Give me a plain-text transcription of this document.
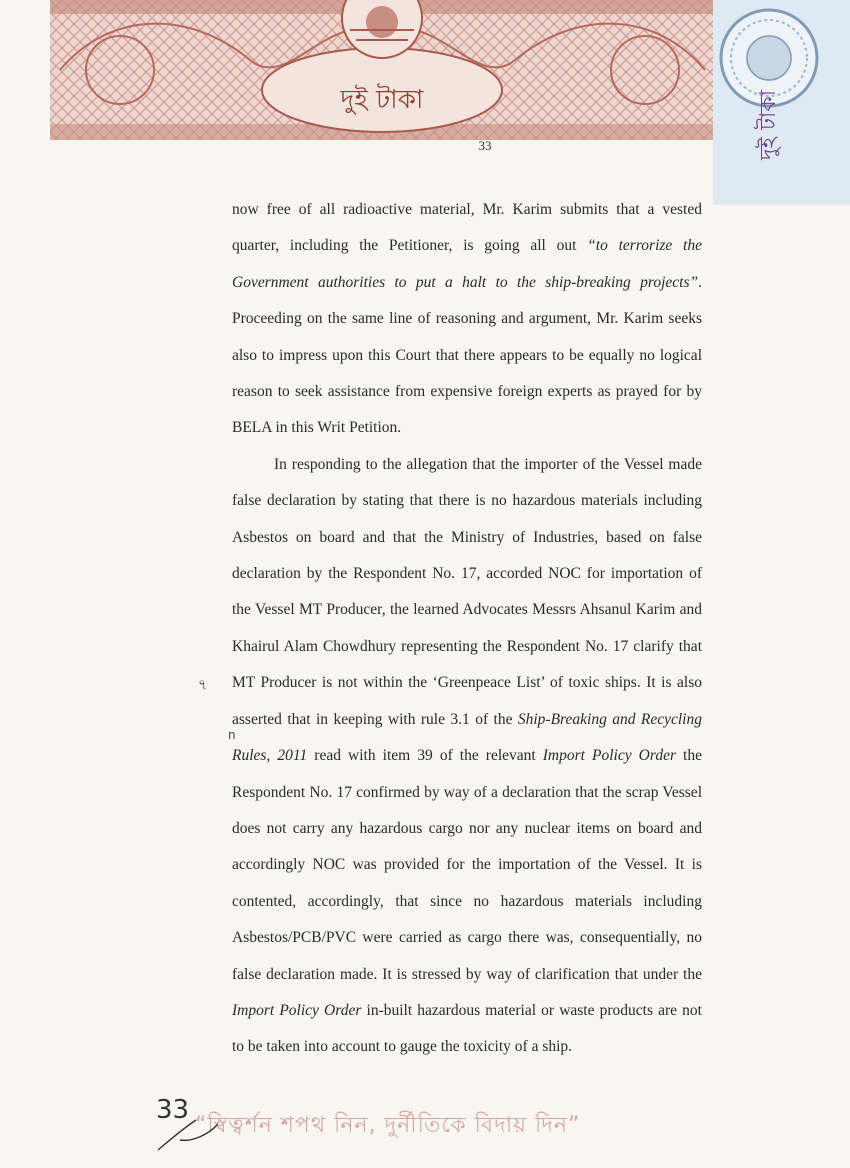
দুই টাকা	দুই টাকা
33

now free of all radioactive material, Mr. Karim submits that a vested quarter, including the Petitioner, is going all out “to terrorize the Government authorities to put a halt to the ship-breaking projects”. Proceeding on the same line of reasoning and argument, Mr. Karim seeks also to impress upon this Court that there appears to be equally no logical reason to seek assistance from expensive foreign experts as prayed for by BELA in this Writ Petition.

In responding to the allegation that the importer of the Vessel made false declaration by stating that there is no hazardous materials including Asbestos on board and that the Ministry of Industries, based on false declaration by the Respondent No. 17, accorded NOC for importation of the Vessel MT Producer, the learned Advocates Messrs Ahsanul Karim and Khairul Alam Chowdhury representing the Respondent No. 17 clarify that MT Producer is not within the ‘Greenpeace List’ of toxic ships. It is also asserted that in keeping with rule 3.1 of the Ship-Breaking and Recycling Rules, 2011 read with item 39 of the relevant Import Policy Order the Respondent No. 17 confirmed by way of a declaration that the scrap Vessel does not carry any hazardous cargo nor any nuclear items on board and accordingly NOC was provided for the importation of the Vessel. It is contented, accordingly, that since no hazardous materials including Asbestos/PCB/PVC were carried as cargo there was, consequentially, no false declaration made. It is stressed by way of clarification that under the Import Policy Order in-built hazardous material or waste products are not to be taken into account to gauge the toxicity of a ship.

৭
n
“স্বিত্বর্শন শপথ নিন, দুর্নীতিকে বিদায় দিন”
33
